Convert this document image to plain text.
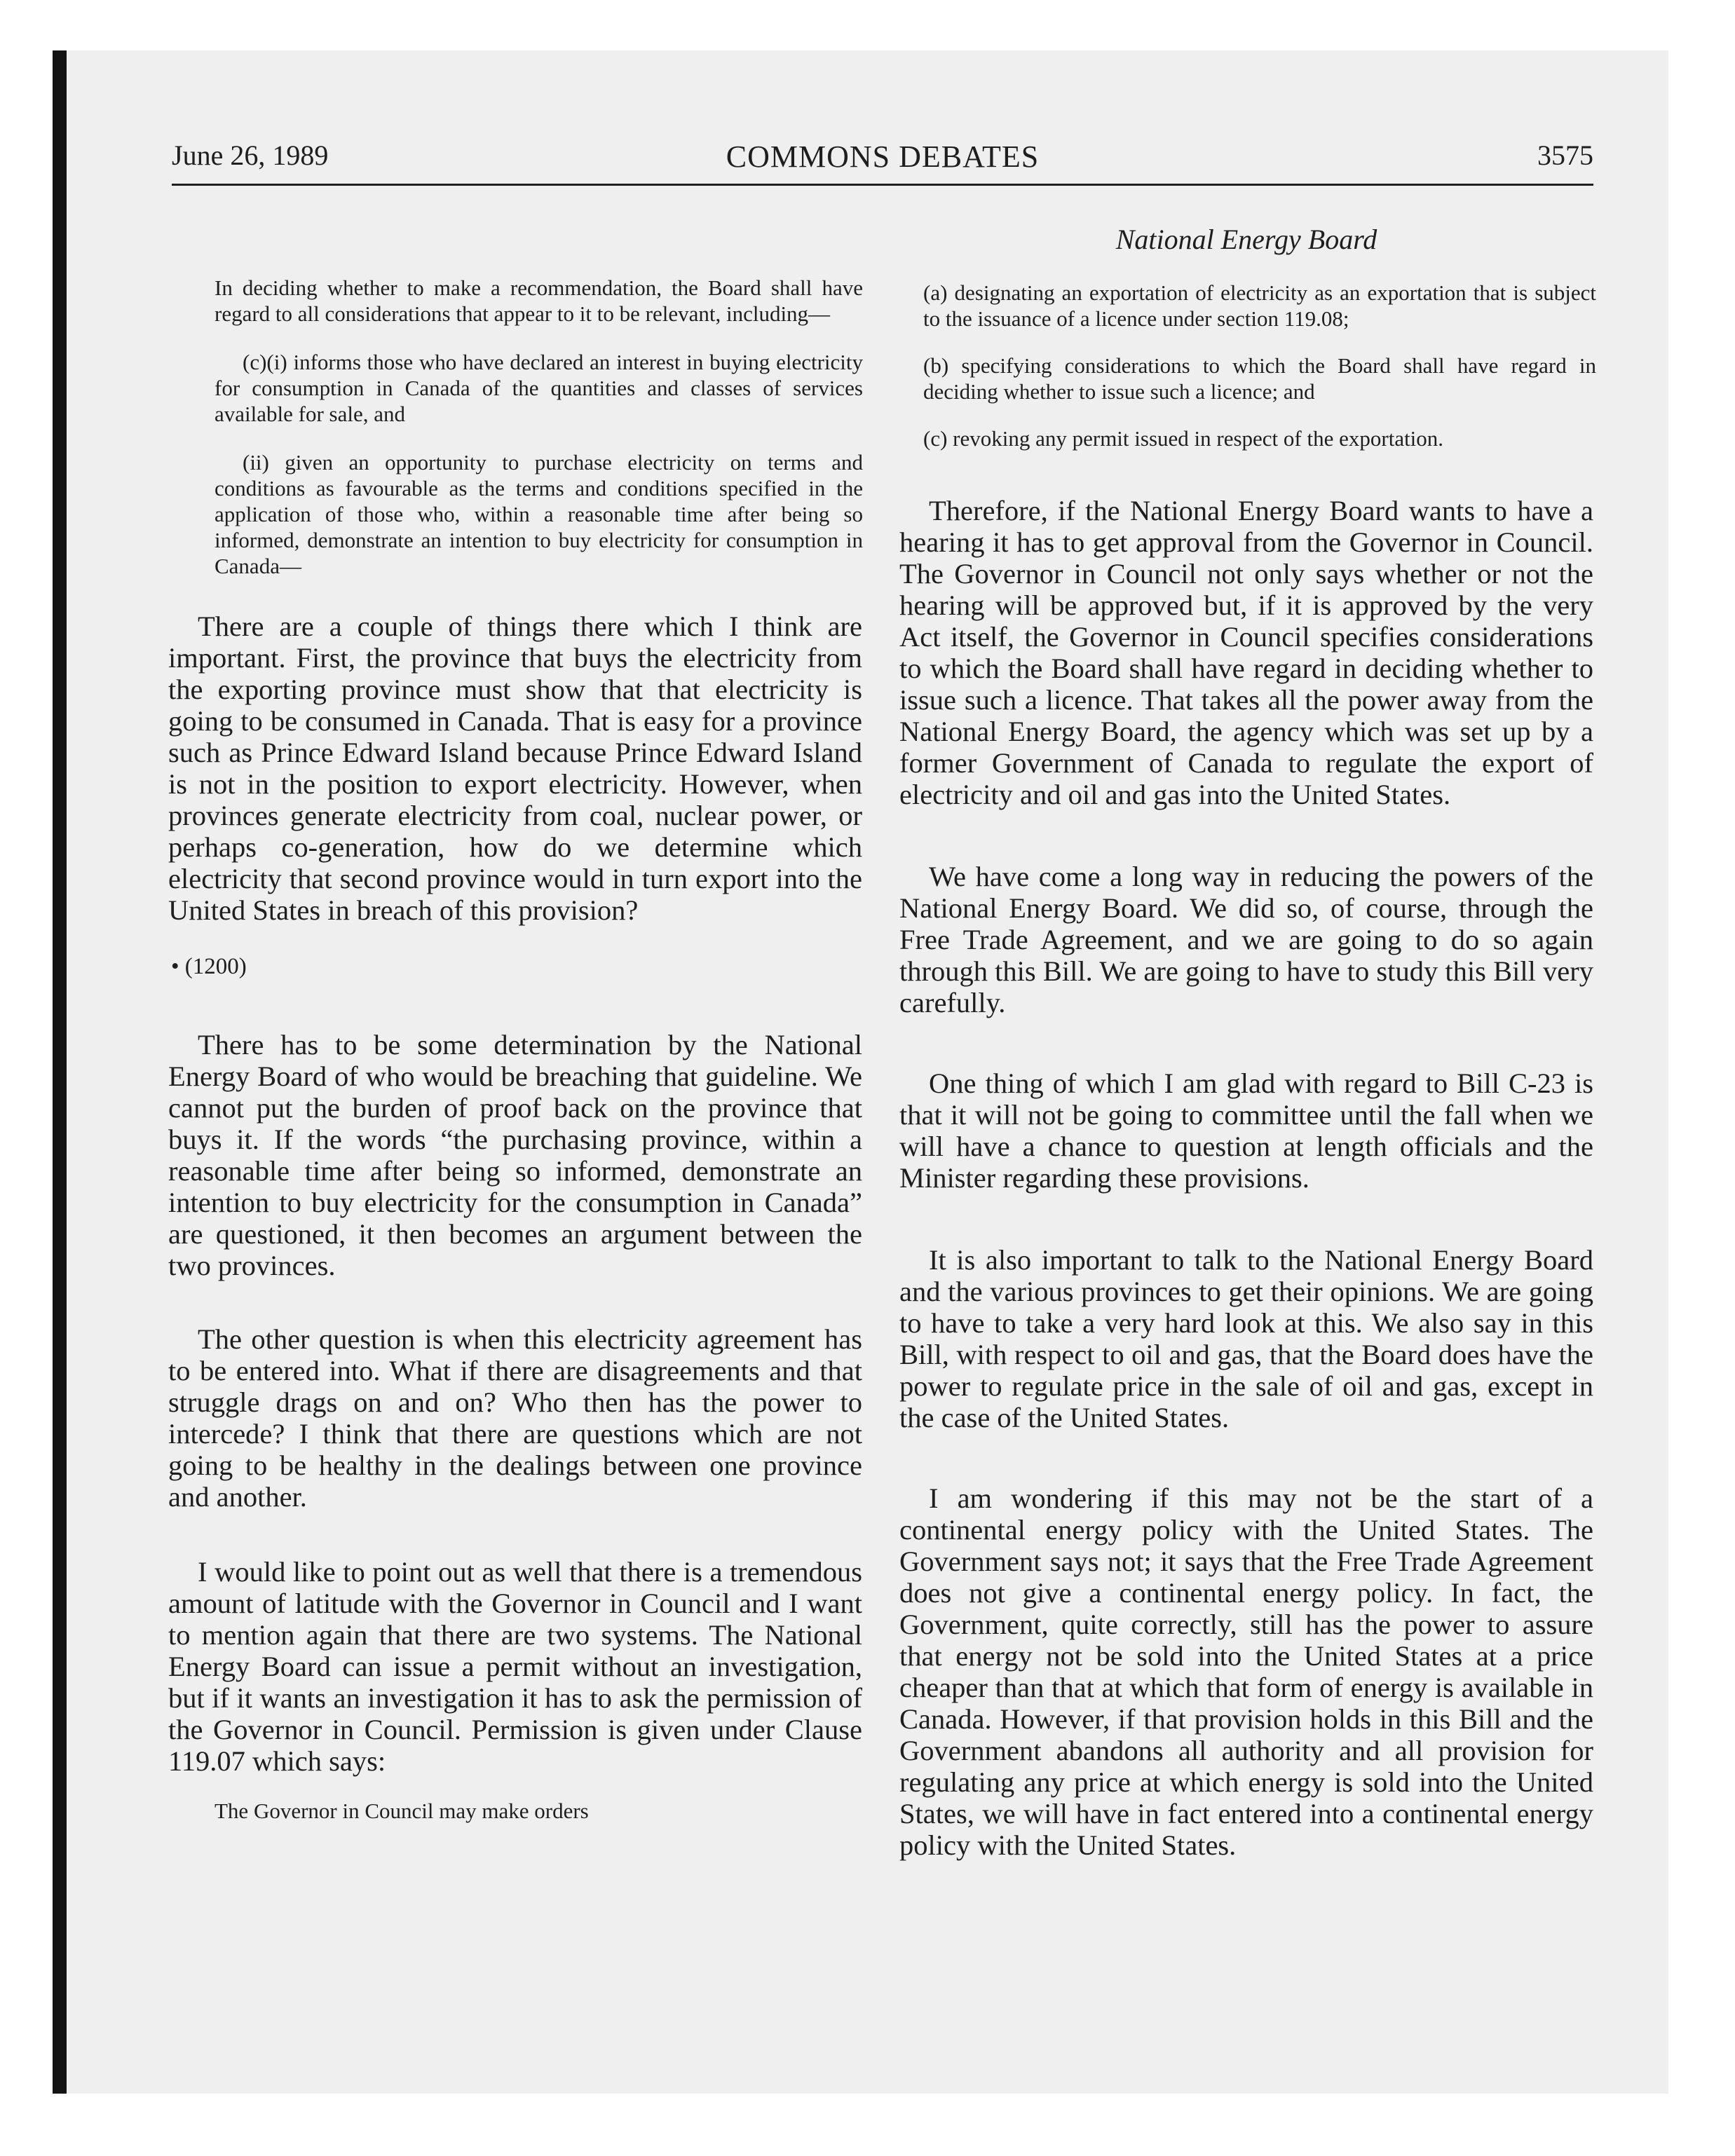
June 26, 1989	COMMONS DEBATES	3575

In deciding whether to make a recommendation, the Board shall have regard to all considerations that appear to it to be relevant, including—

(c)(i) informs those who have declared an interest in buying electricity for consumption in Canada of the quantities and classes of services available for sale, and

(ii) given an opportunity to purchase electricity on terms and conditions as favourable as the terms and conditions specified in the application of those who, within a reasonable time after being so informed, demonstrate an intention to buy electricity for consumption in Canada—

There are a couple of things there which I think are important. First, the province that buys the electricity from the exporting province must show that that electricity is going to be consumed in Canada. That is easy for a province such as Prince Edward Island because Prince Edward Island is not in the position to export electricity. However, when provinces generate electricity from coal, nuclear power, or perhaps co-generation, how do we determine which electricity that second province would in turn export into the United States in breach of this provision?

• (1200)

There has to be some determination by the National Energy Board of who would be breaching that guideline. We cannot put the burden of proof back on the province that buys it. If the words “the purchasing province, within a reasonable time after being so informed, demonstrate an intention to buy electricity for the consumption in Canada” are questioned, it then becomes an argument between the two provinces.

The other question is when this electricity agreement has to be entered into. What if there are disagreements and that struggle drags on and on? Who then has the power to intercede? I think that there are questions which are not going to be healthy in the dealings between one province and another.

I would like to point out as well that there is a tremendous amount of latitude with the Governor in Council and I want to mention again that there are two systems. The National Energy Board can issue a permit without an investigation, but if it wants an investigation it has to ask the permission of the Governor in Council. Permission is given under Clause 119.07 which says:

The Governor in Council may make orders

National Energy Board

(a) designating an exportation of electricity as an exportation that is subject to the issuance of a licence under section 119.08;

(b) specifying considerations to which the Board shall have regard in deciding whether to issue such a licence; and

(c) revoking any permit issued in respect of the exportation.

Therefore, if the National Energy Board wants to have a hearing it has to get approval from the Governor in Council. The Governor in Council not only says whether or not the hearing will be approved but, if it is approved by the very Act itself, the Governor in Council specifies considerations to which the Board shall have regard in deciding whether to issue such a licence. That takes all the power away from the National Energy Board, the agency which was set up by a former Government of Canada to regulate the export of electricity and oil and gas into the United States.

We have come a long way in reducing the powers of the National Energy Board. We did so, of course, through the Free Trade Agreement, and we are going to do so again through this Bill. We are going to have to study this Bill very carefully.

One thing of which I am glad with regard to Bill C-23 is that it will not be going to committee until the fall when we will have a chance to question at length officials and the Minister regarding these provisions.

It is also important to talk to the National Energy Board and the various provinces to get their opinions. We are going to have to take a very hard look at this. We also say in this Bill, with respect to oil and gas, that the Board does have the power to regulate price in the sale of oil and gas, except in the case of the United States.

I am wondering if this may not be the start of a continental energy policy with the United States. The Government says not; it says that the Free Trade Agreement does not give a continental energy policy. In fact, the Government, quite correctly, still has the power to assure that energy not be sold into the United States at a price cheaper than that at which that form of energy is available in Canada. However, if that provision holds in this Bill and the Government abandons all authority and all provision for regulating any price at which energy is sold into the United States, we will have in fact entered into a continental energy policy with the United States.
